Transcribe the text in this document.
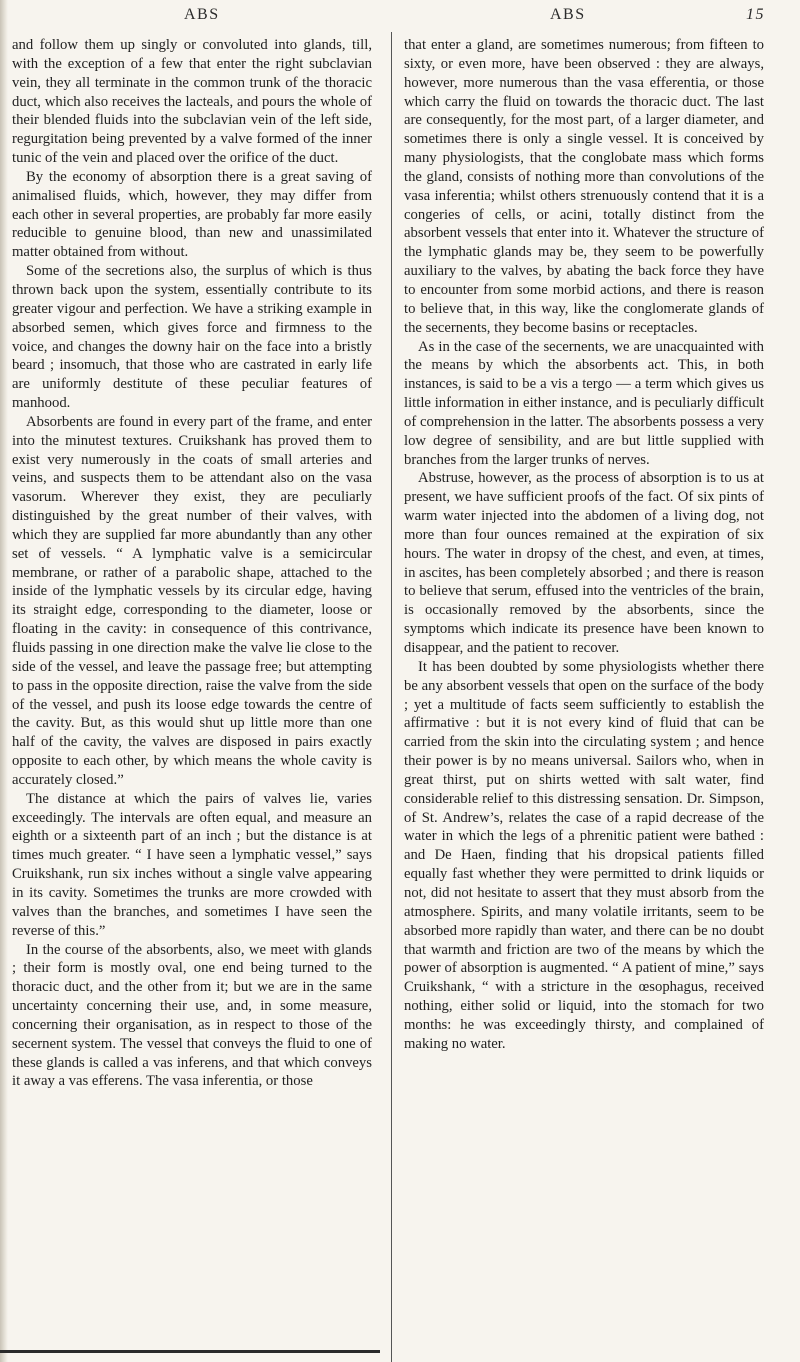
ABS	ABS	15

and follow them up singly or convoluted into glands, till, with the exception of a few that enter the right subclavian vein, they all terminate in the common trunk of the thoracic duct, which also receives the lacteals, and pours the whole of their blended fluids into the subclavian vein of the left side, regurgitation being prevented by a valve formed of the inner tunic of the vein and placed over the orifice of the duct.

By the economy of absorption there is a great saving of animalised fluids, which, however, they may differ from each other in several properties, are probably far more easily reducible to genuine blood, than new and unassimilated matter obtained from without.

Some of the secretions also, the surplus of which is thus thrown back upon the system, essentially contribute to its greater vigour and perfection. We have a striking example in absorbed semen, which gives force and firmness to the voice, and changes the downy hair on the face into a bristly beard ; insomuch, that those who are castrated in early life are uniformly destitute of these peculiar features of manhood.

Absorbents are found in every part of the frame, and enter into the minutest textures. Cruikshank has proved them to exist very numerously in the coats of small arteries and veins, and suspects them to be attendant also on the vasa vasorum. Wherever they exist, they are peculiarly distinguished by the great number of their valves, with which they are supplied far more abundantly than any other set of vessels. “ A lymphatic valve is a semicircular membrane, or rather of a parabolic shape, attached to the inside of the lymphatic vessels by its circular edge, having its straight edge, corresponding to the diameter, loose or floating in the cavity: in consequence of this contrivance, fluids passing in one direction make the valve lie close to the side of the vessel, and leave the passage free; but attempting to pass in the opposite direction, raise the valve from the side of the vessel, and push its loose edge towards the centre of the cavity. But, as this would shut up little more than one half of the cavity, the valves are disposed in pairs exactly opposite to each other, by which means the whole cavity is accurately closed.”

The distance at which the pairs of valves lie, varies exceedingly. The intervals are often equal, and measure an eighth or a sixteenth part of an inch ; but the distance is at times much greater. “ I have seen a lymphatic vessel,” says Cruikshank, run six inches without a single valve appearing in its cavity. Sometimes the trunks are more crowded with valves than the branches, and sometimes I have seen the reverse of this.”

In the course of the absorbents, also, we meet with glands ; their form is mostly oval, one end being turned to the thoracic duct, and the other from it; but we are in the same uncertainty concerning their use, and, in some measure, concerning their organisation, as in respect to those of the secernent system. The vessel that conveys the fluid to one of these glands is called a vas inferens, and that which conveys it away a vas efferens. The vasa inferentia, or those

that enter a gland, are sometimes numerous; from fifteen to sixty, or even more, have been observed : they are always, however, more numerous than the vasa efferentia, or those which carry the fluid on towards the thoracic duct. The last are consequently, for the most part, of a larger diameter, and sometimes there is only a single vessel. It is conceived by many physiologists, that the conglobate mass which forms the gland, consists of nothing more than convolutions of the vasa inferentia; whilst others strenuously contend that it is a congeries of cells, or acini, totally distinct from the absorbent vessels that enter into it. Whatever the structure of the lymphatic glands may be, they seem to be powerfully auxiliary to the valves, by abating the back force they have to encounter from some morbid actions, and there is reason to believe that, in this way, like the conglomerate glands of the secernents, they become basins or receptacles.

As in the case of the secernents, we are unacquainted with the means by which the absorbents act. This, in both instances, is said to be a vis a tergo — a term which gives us little information in either instance, and is peculiarly difficult of comprehension in the latter. The absorbents possess a very low degree of sensibility, and are but little supplied with branches from the larger trunks of nerves.

Abstruse, however, as the process of absorption is to us at present, we have sufficient proofs of the fact. Of six pints of warm water injected into the abdomen of a living dog, not more than four ounces remained at the expiration of six hours. The water in dropsy of the chest, and even, at times, in ascites, has been completely absorbed ; and there is reason to believe that serum, effused into the ventricles of the brain, is occasionally removed by the absorbents, since the symptoms which indicate its presence have been known to disappear, and the patient to recover.

It has been doubted by some physiologists whether there be any absorbent vessels that open on the surface of the body ; yet a multitude of facts seem sufficiently to establish the affirmative : but it is not every kind of fluid that can be carried from the skin into the circulating system ; and hence their power is by no means universal. Sailors who, when in great thirst, put on shirts wetted with salt water, find considerable relief to this distressing sensation. Dr. Simpson, of St. Andrew’s, relates the case of a rapid decrease of the water in which the legs of a phrenitic patient were bathed : and De Haen, finding that his dropsical patients filled equally fast whether they were permitted to drink liquids or not, did not hesitate to assert that they must absorb from the atmosphere. Spirits, and many volatile irritants, seem to be absorbed more rapidly than water, and there can be no doubt that warmth and friction are two of the means by which the power of absorption is augmented. “ A patient of mine,” says Cruikshank, “ with a stricture in the œsophagus, received nothing, either solid or liquid, into the stomach for two months: he was exceedingly thirsty, and complained of making no water.
